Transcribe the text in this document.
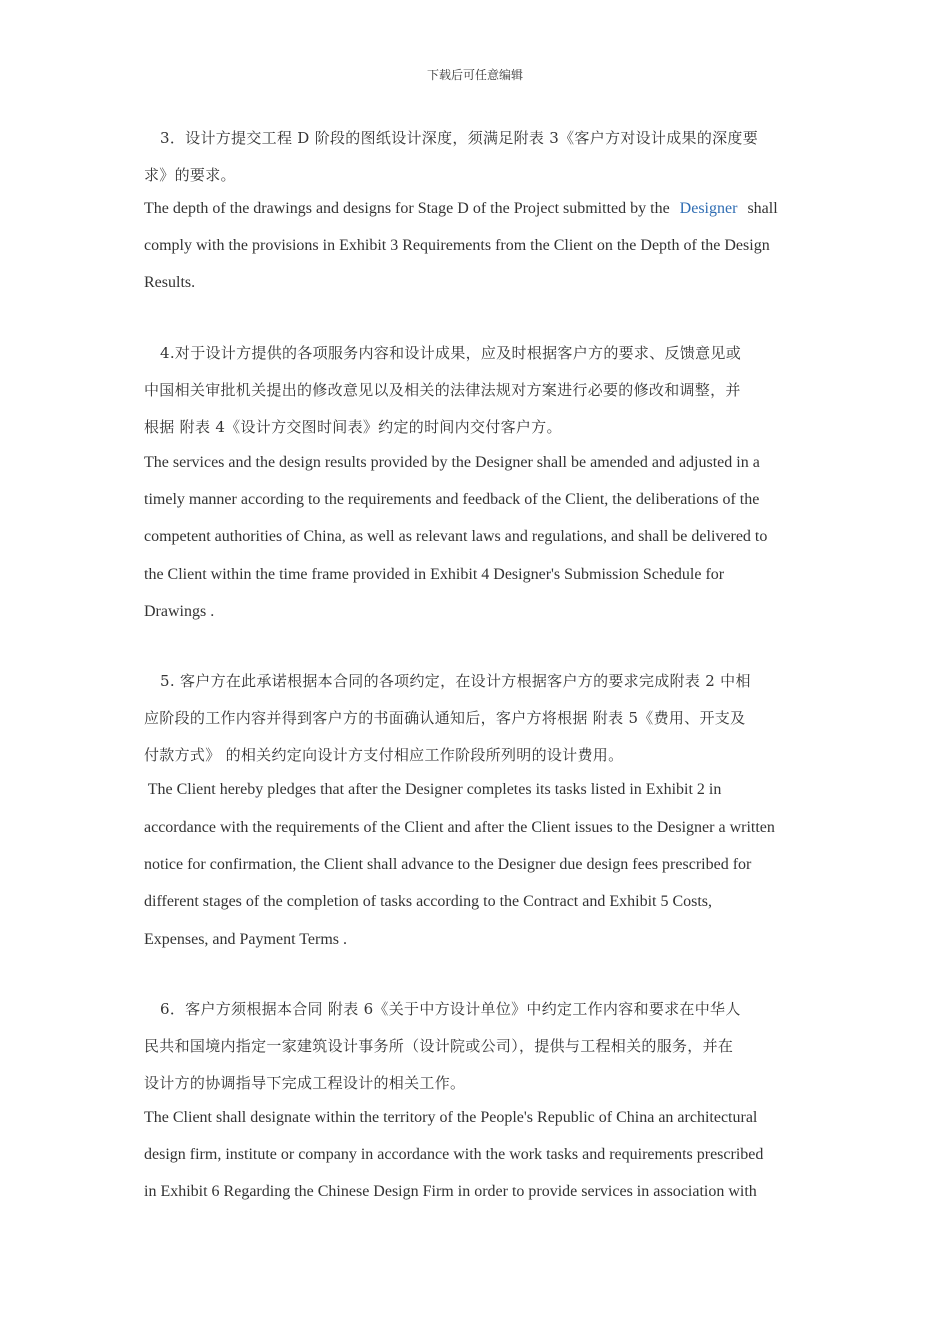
下载后可任意编辑
3．设计方提交工程 D 阶段的图纸设计深度，须满足附表 3《客户方对设计成果的深度要
求》的要求。
The depth of the drawings and designs for Stage D of the Project submitted by the Designer shall
comply with the provisions in Exhibit 3 Requirements from the Client on the Depth of the Design
Results.
4.对于设计方提供的各项服务内容和设计成果，应及时根据客户方的要求、反馈意见或
中国相关审批机关提出的修改意见以及相关的法律法规对方案进行必要的修改和调整，并
根据 附表 4《设计方交图时间表》约定的时间内交付客户方。
The services and the design results provided by the Designer shall be amended and adjusted in a
timely manner according to the requirements and feedback of the Client, the deliberations of the
competent authorities of China, as well as relevant laws and regulations, and shall be delivered to
the Client within the time frame provided in Exhibit 4 Designer's Submission Schedule for
Drawings .
5. 客户方在此承诺根据本合同的各项约定，在设计方根据客户方的要求完成附表 2 中相
应阶段的工作内容并得到客户方的书面确认通知后，客户方将根据 附表 5《费用、开支及
付款方式》 的相关约定向设计方支付相应工作阶段所列明的设计费用。
The Client hereby pledges that after the Designer completes its tasks listed in Exhibit 2 in
accordance with the requirements of the Client and after the Client issues to the Designer a written
notice for confirmation, the Client shall advance to the Designer due design fees prescribed for
different stages of the completion of tasks according to the Contract and Exhibit 5 Costs,
Expenses, and Payment Terms .
6．客户方须根据本合同 附表 6《关于中方设计单位》中约定工作内容和要求在中华人
民共和国境内指定一家建筑设计事务所（设计院或公司），提供与工程相关的服务，并在
设计方的协调指导下完成工程设计的相关工作。
The Client shall designate within the territory of the People's Republic of China an architectural
design firm, institute or company in accordance with the work tasks and requirements prescribed
in Exhibit 6 Regarding the Chinese Design Firm in order to provide services in association with
